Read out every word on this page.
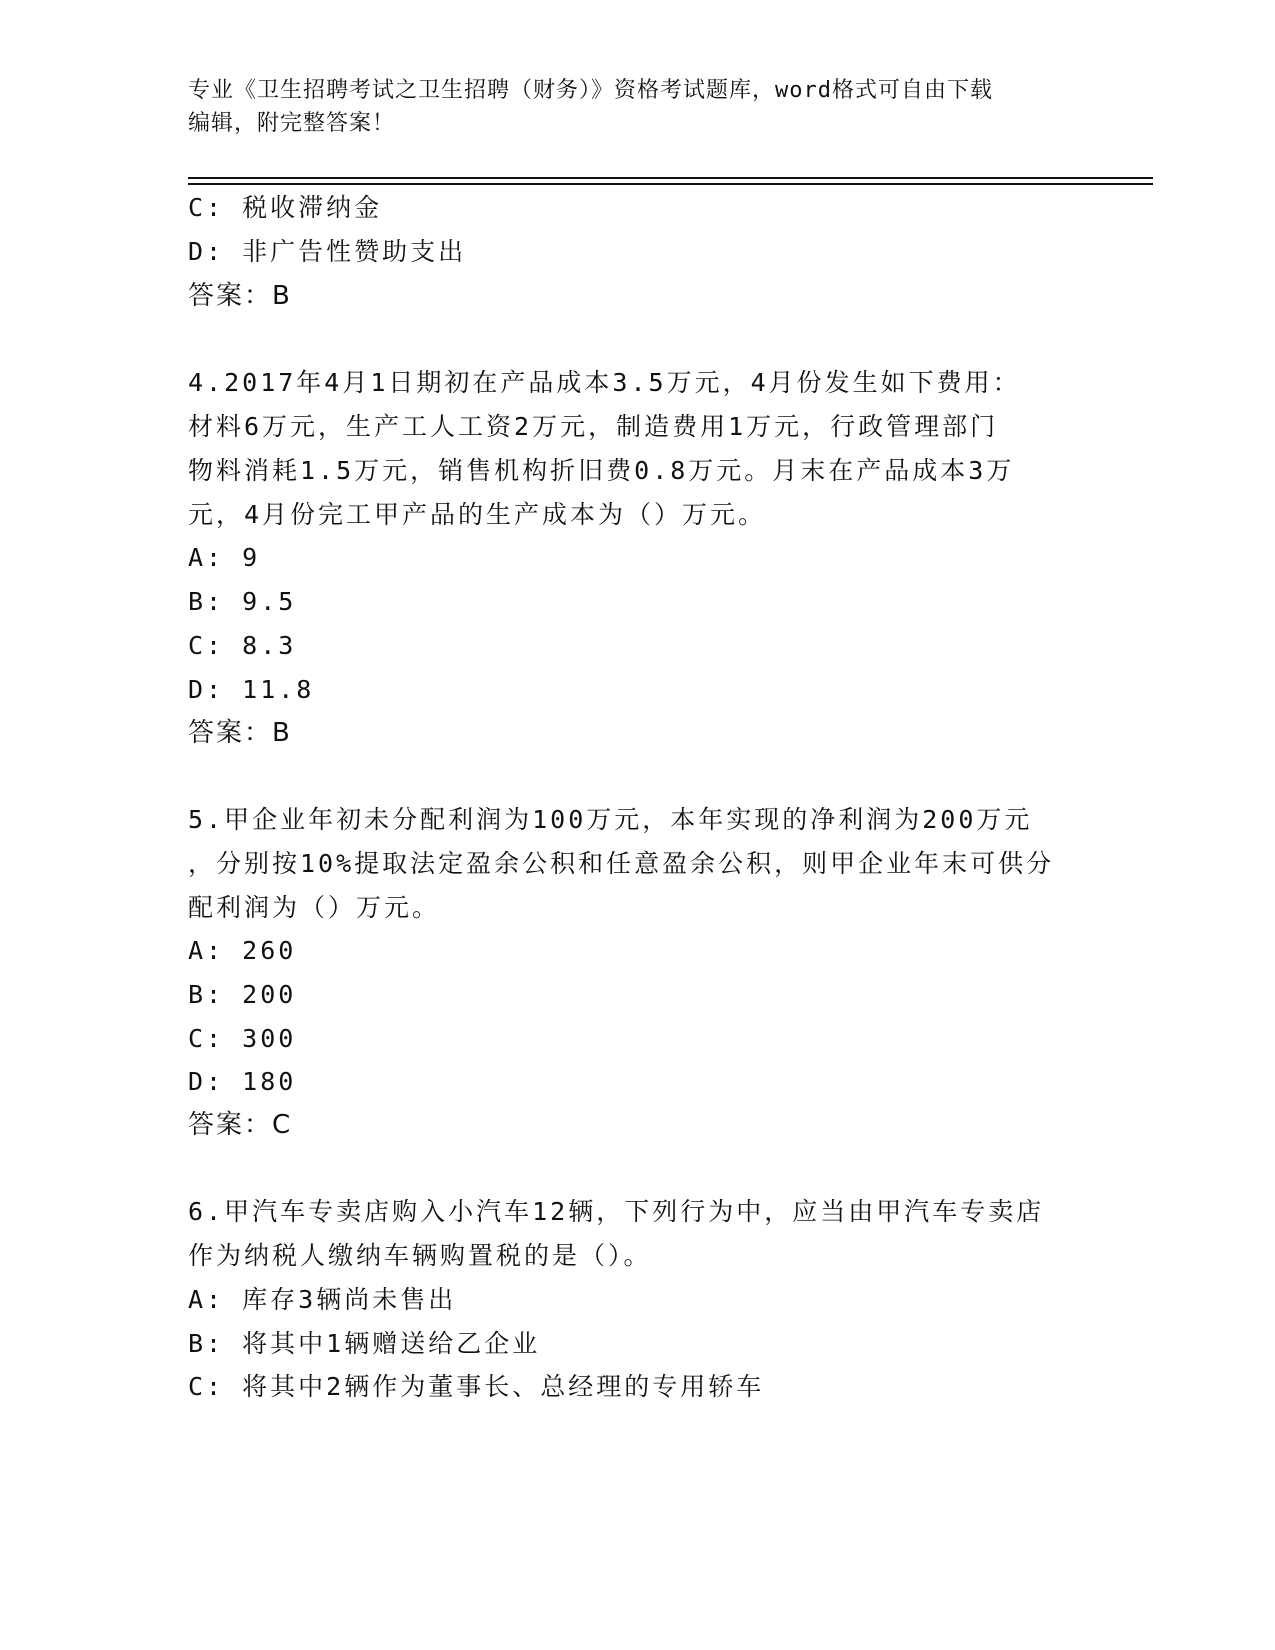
专业《卫生招聘考试之卫生招聘（财务）》资格考试题库，word格式可自由下载
编辑，附完整答案！
C: 税收滞纳金
D: 非广告性赞助支出
答案：B
4.2017年4月1日期初在产品成本3.5万元，4月份发生如下费用：
材料6万元，生产工人工资2万元，制造费用1万元，行政管理部门
物料消耗1.5万元，销售机构折旧费0.8万元。月末在产品成本3万
元，4月份完工甲产品的生产成本为（）万元。
A: 9
B: 9.5
C: 8.3
D: 11.8
答案：B
5.甲企业年初未分配利润为100万元，本年实现的净利润为200万元
，分别按10%提取法定盈余公积和任意盈余公积，则甲企业年末可供分
配利润为（）万元。
A: 260
B: 200
C: 300
D: 180
答案：C
6.甲汽车专卖店购入小汽车12辆，下列行为中，应当由甲汽车专卖店
作为纳税人缴纳车辆购置税的是（）。
A: 库存3辆尚未售出
B: 将其中1辆赠送给乙企业
C: 将其中2辆作为董事长、总经理的专用轿车
